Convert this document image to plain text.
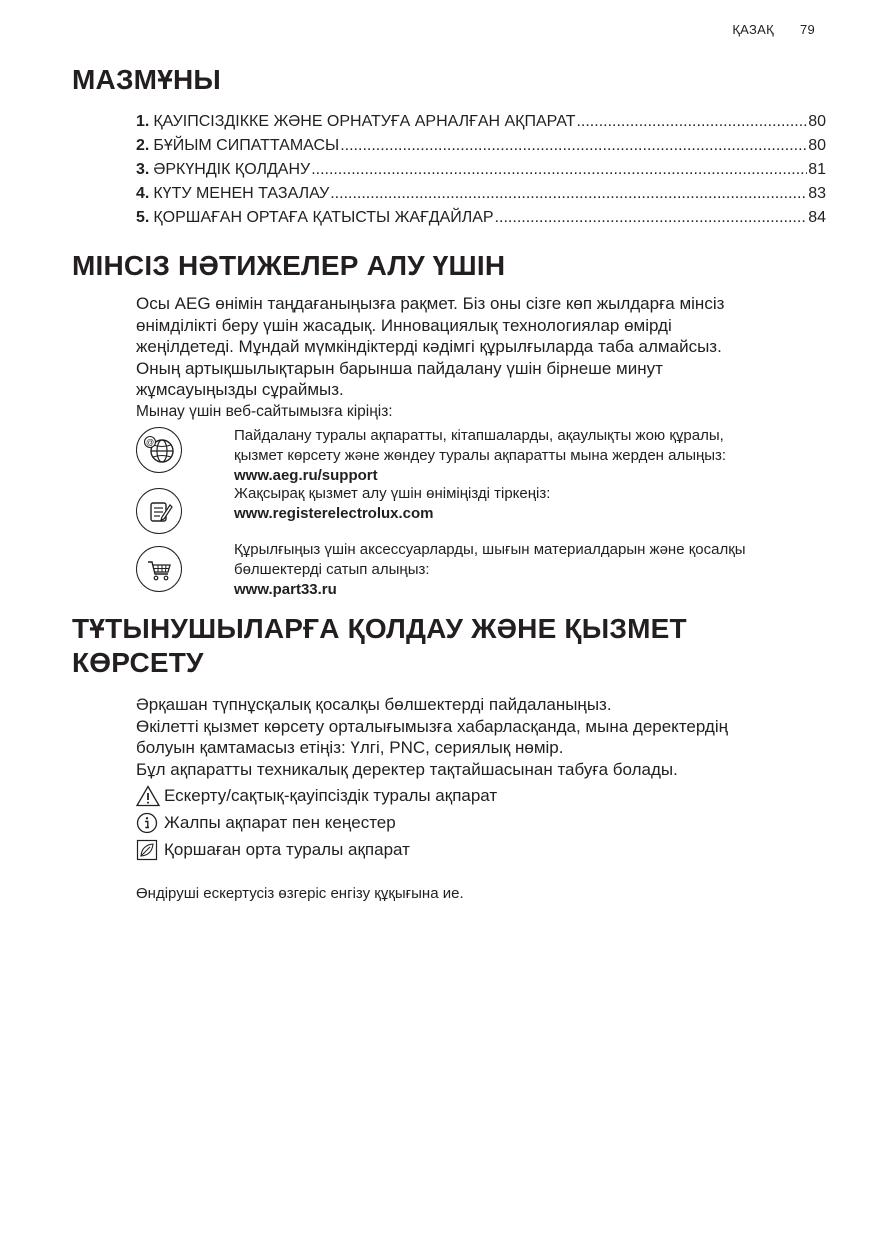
ҚАЗАҚ 79
МАЗМҰНЫ
1. ҚАУІПСІЗДІККЕ ЖӘНЕ ОРНАТУҒА АРНАЛҒАН АҚПАРАТ .....	80
2. БҰЙЫМ СИПАТТАМАСЫ .....	80
3. ӘРКҮНДІК ҚОЛДАНУ .....	81
4. КҮТУ МЕНЕН ТАЗАЛАУ .....	83
5. ҚОРШАҒАН ОРТАҒА ҚАТЫСТЫ ЖАҒДАЙЛАР .....	84
МІНСІЗ НӘТИЖЕЛЕР АЛУ ҮШІН

Осы AEG өнімін таңдағаныңызға рақмет. Біз оны сізге көп жылдарға мінсіз

өнімділікті беру үшін жасадық. Инновациялық технологиялар өмірді

жеңілдетеді. Мұндай мүмкіндіктерді кәдімгі құрылғыларда таба алмайсыз.

Оның артықшылықтарын барынша пайдалану үшін бірнеше минут

жұмсауыңызды сұраймыз.

Мынау үшін веб-сайтымызға кіріңіз:

@	Пайдалану туралы ақпаратты, кітапшаларды, ақаулықты жою құралы,
қызмет көрсету және жөндеу туралы ақпаратты мына жерден алыңыз:
www.aeg.ru/support
Жақсырақ қызмет алу үшін өніміңізді тіркеңіз:
www.registerelectrolux.com
Құрылғыңыз үшін аксессуарларды, шығын материалдарын және қосалқы
бөлшектерді сатып алыңыз:
www.part33.ru
ТҰТЫНУШЫЛАРҒА ҚОЛДАУ ЖӘНЕ ҚЫЗМЕТ
КӨРСЕТУ

Әрқашан түпнұсқалық қосалқы бөлшектерді пайдаланыңыз.

Өкілетті қызмет көрсету орталығымызға хабарласқанда, мына деректердің

болуын қамтамасыз етіңіз: Үлгі, PNC, сериялық нөмір.

Бұл ақпаратты техникалық деректер тақтайшасынан табуға болады.

Ескерту/сақтық-қауіпсіздік туралы ақпарат
Жалпы ақпарат пен кеңестер
Қоршаған орта туралы ақпарат
Өндіруші ескертусіз өзгеріс енгізу құқығына ие.
